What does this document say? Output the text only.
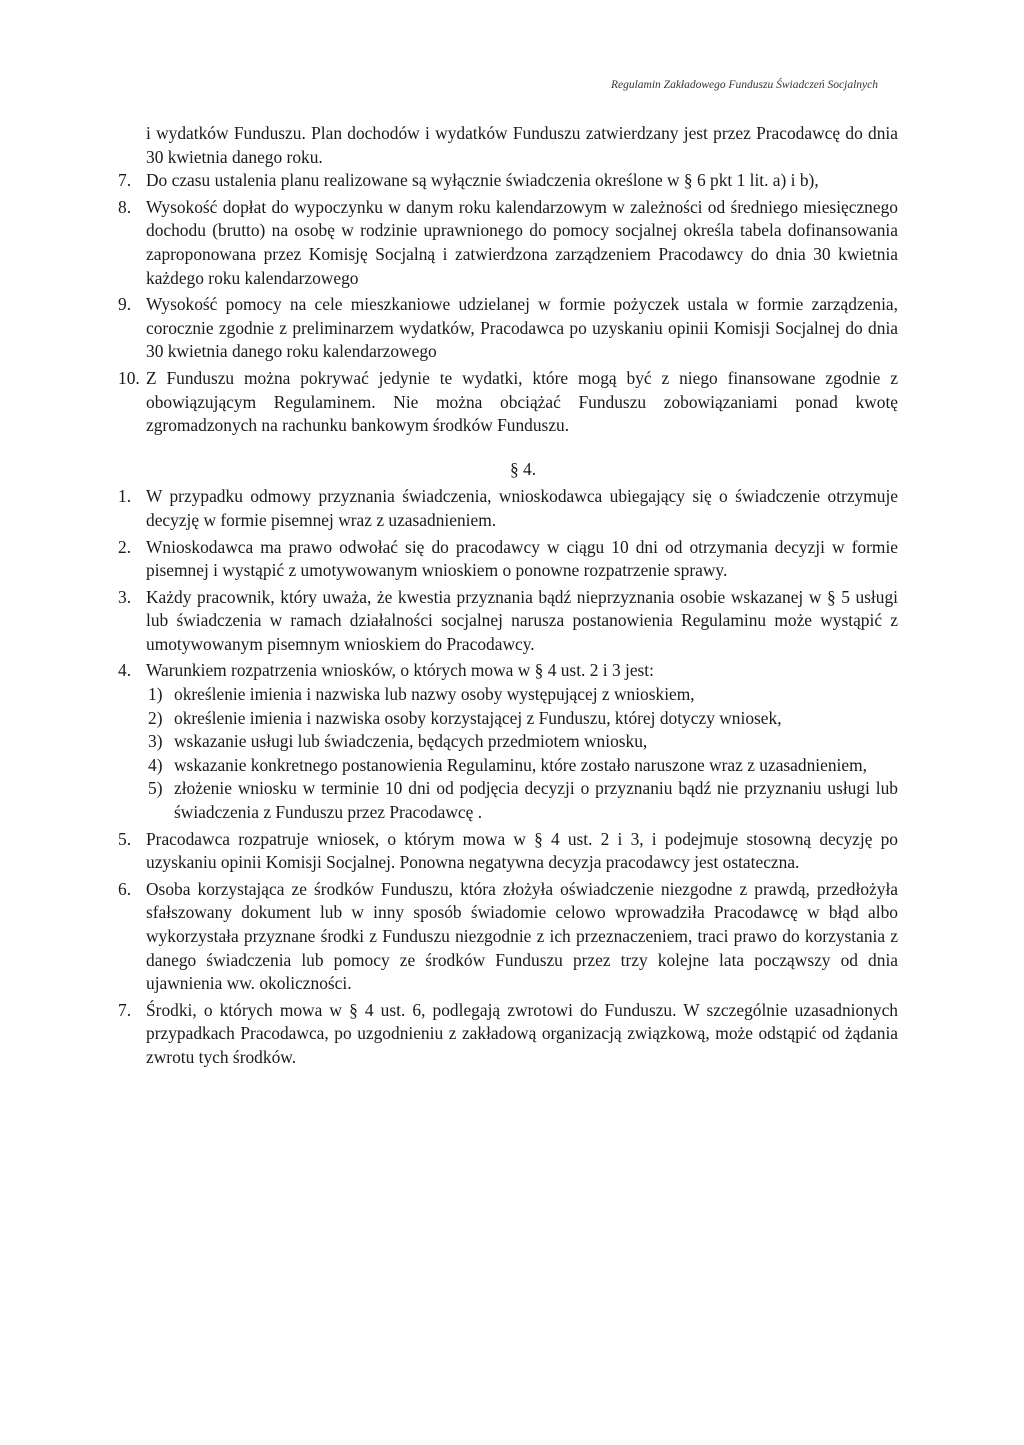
Regulamin Zakładowego Funduszu Świadczeń Socjalnych
i wydatków Funduszu. Plan dochodów i wydatków Funduszu zatwierdzany jest przez Pracodawcę do dnia 30 kwietnia danego roku.
7. Do czasu ustalenia planu realizowane są wyłącznie świadczenia określone w § 6 pkt 1 lit. a) i b),
8. Wysokość dopłat do wypoczynku w danym roku kalendarzowym w zależności od średniego miesięcznego dochodu (brutto) na osobę w rodzinie uprawnionego do pomocy socjalnej określa tabela dofinansowania zaproponowana przez Komisję Socjalną i zatwierdzona zarządzeniem Pracodawcy do dnia 30 kwietnia każdego roku kalendarzowego
9. Wysokość pomocy na cele mieszkaniowe udzielanej w formie pożyczek ustala w formie zarządzenia, corocznie zgodnie z preliminarzem wydatków, Pracodawca po uzyskaniu opinii Komisji Socjalnej do dnia 30 kwietnia danego roku kalendarzowego
10. Z Funduszu można pokrywać jedynie te wydatki, które mogą być z niego finansowane zgodnie z obowiązującym Regulaminem. Nie można obciążać Funduszu zobowiązaniami ponad kwotę zgromadzonych na rachunku bankowym środków Funduszu.
§ 4.
1. W przypadku odmowy przyznania świadczenia, wnioskodawca ubiegający się o świadczenie otrzymuje decyzję w formie pisemnej wraz z uzasadnieniem.
2. Wnioskodawca ma prawo odwołać się do pracodawcy w ciągu 10 dni od otrzymania decyzji w formie pisemnej i wystąpić z umotywowanym wnioskiem o ponowne rozpatrzenie sprawy.
3. Każdy pracownik, który uważa, że kwestia przyznania bądź nieprzyznania osobie wskazanej w § 5 usługi lub świadczenia w ramach działalności socjalnej narusza postanowienia Regulaminu może wystąpić z umotywowanym pisemnym wnioskiem do Pracodawcy.
4. Warunkiem rozpatrzenia wniosków, o których mowa w § 4 ust. 2 i 3 jest:
1) określenie imienia i nazwiska lub nazwy osoby występującej z wnioskiem,
2) określenie imienia i nazwiska osoby korzystającej z Funduszu, której dotyczy wniosek,
3) wskazanie usługi lub świadczenia, będących przedmiotem wniosku,
4) wskazanie konkretnego postanowienia Regulaminu, które zostało naruszone wraz z uzasadnieniem,
5) złożenie wniosku w terminie 10 dni od podjęcia decyzji o przyznaniu bądź nie przyznaniu usługi lub świadczenia z Funduszu przez Pracodawcę .
5. Pracodawca rozpatruje wniosek, o którym mowa w § 4 ust. 2 i 3, i podejmuje stosowną decyzję po uzyskaniu opinii Komisji Socjalnej. Ponowna negatywna decyzja pracodawcy jest ostateczna.
6. Osoba korzystająca ze środków Funduszu, która złożyła oświadczenie niezgodne z prawdą, przedłożyła sfałszowany dokument lub w inny sposób świadomie celowo wprowadziła Pracodawcę w błąd albo wykorzystała przyznane środki z Funduszu niezgodnie z ich przeznaczeniem, traci prawo do korzystania z danego świadczenia lub pomocy ze środków Funduszu przez trzy kolejne lata począwszy od dnia ujawnienia ww. okoliczności.
7. Środki, o których mowa w § 4 ust. 6, podlegają zwrotowi do Funduszu. W szczególnie uzasadnionych przypadkach Pracodawca, po uzgodnieniu z zakładową organizacją związkową, może odstąpić od żądania zwrotu tych środków.
